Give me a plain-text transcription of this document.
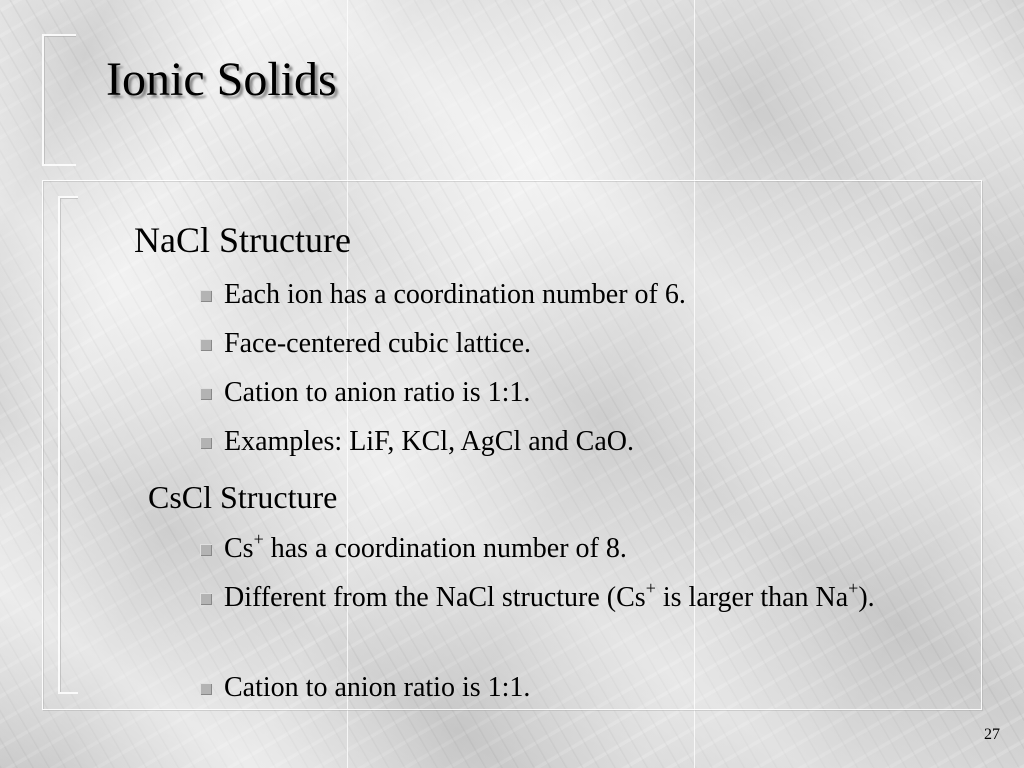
Ionic Solids
NaCl Structure
Each ion has a coordination number of 6.
Face-centered cubic lattice.
Cation to anion ratio is 1:1.
Examples: LiF, KCl, AgCl and CaO.
CsCl Structure
Cs+ has a coordination number of 8.
Different from the NaCl structure (Cs+ is larger than Na+).
Cation to anion ratio is 1:1.
27
